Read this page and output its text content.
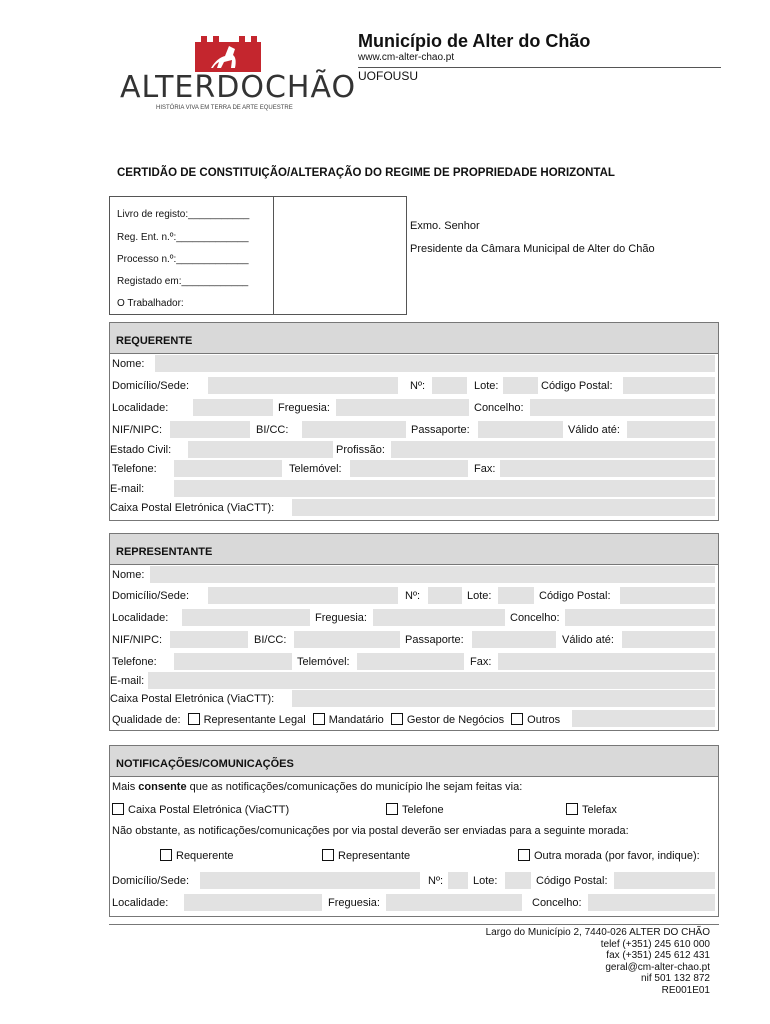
ALTERDOCHÃO
HISTÓRIA VIVA EM TERRA DE ARTE EQUESTRE
Município de Alter do Chão
www.cm-alter-chao.pt
UOFOUSU
CERTIDÃO DE CONSTITUIÇÃO/ALTERAÇÃO DO REGIME DE PROPRIEDADE HORIZONTAL
Livro de registo:___________
Reg. Ent. n.º:_____________
Processo n.º:_____________
Registado em:____________
O Trabalhador:
Exmo. Senhor
Presidente da Câmara Municipal de Alter do Chão
REQUERENTE
Nome:
Domicílio/Sede:	Nº:	Lote:	Código Postal:
Localidade:	Freguesia:	Concelho:
NIF/NIPC:	BI/CC:	Passaporte:	Válido até:
Estado Civil:	Profissão:
Telefone:	Telemóvel:	Fax:
E-mail:
Caixa Postal Eletrónica (ViaCTT):
REPRESENTANTE
Nome:
Domicílio/Sede:	Nº:	Lote:	Código Postal:
Localidade:	Freguesia:	Concelho:
NIF/NIPC:	BI/CC:	Passaporte:	Válido até:
Telefone:	Telemóvel:	Fax:
E-mail:
Caixa Postal Eletrónica (ViaCTT):
Qualidade de: Representante Legal Mandatário Gestor de Negócios Outros
NOTIFICAÇÕES/COMUNICAÇÕES
Mais consente que as notificações/comunicações do município lhe sejam feitas via:
Caixa Postal Eletrónica (ViaCTT)	Telefone	Telefax
Não obstante, as notificações/comunicações por via postal deverão ser enviadas para a seguinte morada:
Requerente	Representante	Outra morada (por favor, indique):
Domicílio/Sede:	Nº:	Lote:	Código Postal:
Localidade:	Freguesia:	Concelho:
Largo do Município 2, 7440-026 ALTER DO CHÃO
telef (+351) 245 610 000
fax (+351) 245 612 431
geral@cm-alter-chao.pt
nif 501 132 872
RE001E01
